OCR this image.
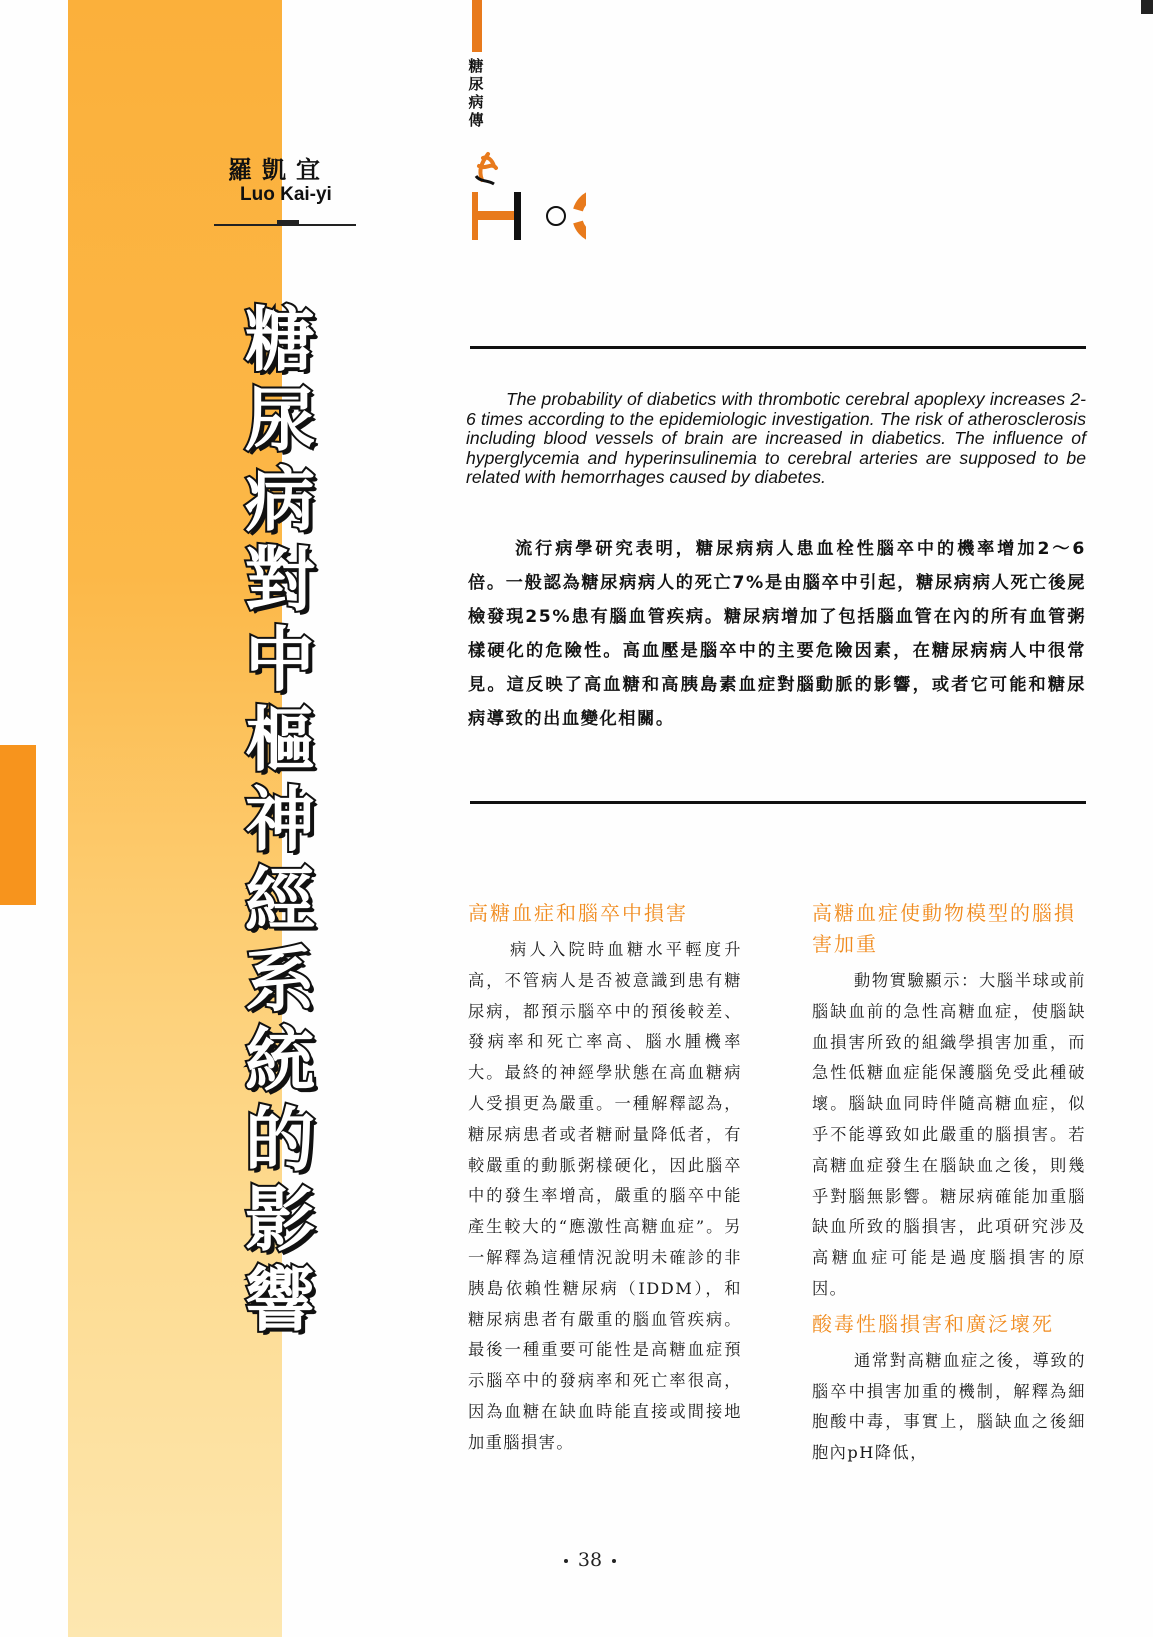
羅凱宜
Luo Kai-yi
糖
尿
病
對
中
樞
神
經
系
統
的
影
響
糖
尿
病
傳
The probability of diabetics with thrombotic cerebral apoplexy increases 2-6 times according to the epidemiologic investigation. The risk of atherosclerosis including blood vessels of brain are increased in diabetics. The influence of hyperglycemia and hyperinsulinemia to cerebral arteries are supposed to be related with hemorrhages caused by diabetes.
流行病學研究表明，糖尿病病人患血栓性腦卒中的機率增加2～6倍。一般認為糖尿病病人的死亡7%是由腦卒中引起，糖尿病病人死亡後屍檢發現25%患有腦血管疾病。糖尿病增加了包括腦血管在內的所有血管粥樣硬化的危險性。高血壓是腦卒中的主要危險因素，在糖尿病病人中很常見。這反映了高血糖和高胰島素血症對腦動脈的影響，或者它可能和糖尿病導致的出血變化相關。
高糖血症和腦卒中損害

病人入院時血糖水平輕度升高，不管病人是否被意識到患有糖尿病，都預示腦卒中的預後較差、發病率和死亡率高、腦水腫機率大。最終的神經學狀態在高血糖病人受損更為嚴重。一種解釋認為，糖尿病患者或者糖耐量降低者，有較嚴重的動脈粥樣硬化，因此腦卒中的發生率增高，嚴重的腦卒中能產生較大的“應激性高糖血症”。另一解釋為這種情況說明未確診的非胰島依賴性糖尿病（IDDM），和糖尿病患者有嚴重的腦血管疾病。最後一種重要可能性是高糖血症預示腦卒中的發病率和死亡率很高，因為血糖在缺血時能直接或間接地加重腦損害。

高糖血症使動物模型的腦損害加重

動物實驗顯示：大腦半球或前腦缺血前的急性高糖血症，使腦缺血損害所致的組織學損害加重，而急性低糖血症能保護腦免受此種破壞。腦缺血同時伴隨高糖血症，似乎不能導致如此嚴重的腦損害。若高糖血症發生在腦缺血之後，則幾乎對腦無影響。糖尿病確能加重腦缺血所致的腦損害，此項研究涉及高糖血症可能是過度腦損害的原因。

酸毒性腦損害和廣泛壞死

通常對高糖血症之後，導致的腦卒中損害加重的機制，解釋為細胞酸中毒，事實上，腦缺血之後細胞內pH降低，

38
